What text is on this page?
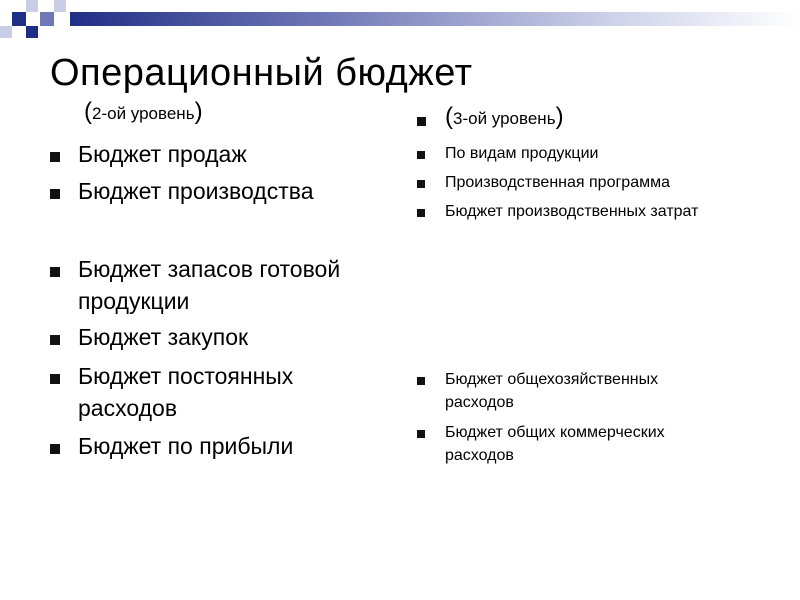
Операционный бюджет
(2-ой уровень)
Бюджет продаж
Бюджет производства
Бюджет запасов готовой продукции
Бюджет закупок
Бюджет постоянных расходов
Бюджет по прибыли
(3-ой уровень)
По видам продукции
Производственная программа
Бюджет производственных затрат
Бюджет общехозяйственных расходов
Бюджет общих коммерческих расходов
